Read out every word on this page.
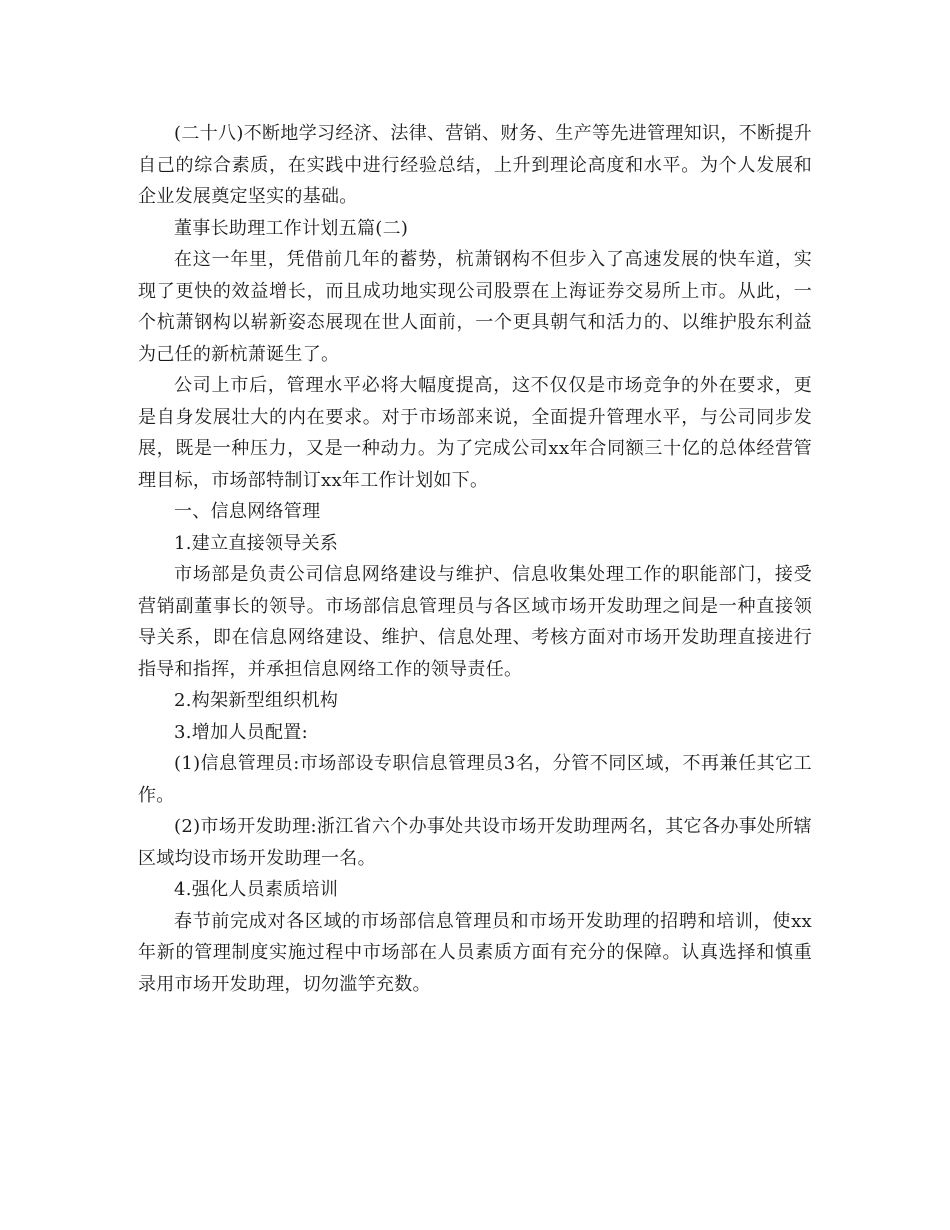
(二十八)不断地学习经济、法律、营销、财务、生产等先进管理知识，不断提升自己的综合素质，在实践中进行经验总结，上升到理论高度和水平。为个人发展和企业发展奠定坚实的基础。

董事长助理工作计划五篇(二)

在这一年里，凭借前几年的蓄势，杭萧钢构不但步入了高速发展的快车道，实现了更快的效益增长，而且成功地实现公司股票在上海证券交易所上市。从此，一个杭萧钢构以崭新姿态展现在世人面前，一个更具朝气和活力的、以维护股东利益为己任的新杭萧诞生了。

公司上市后，管理水平必将大幅度提高，这不仅仅是市场竞争的外在要求，更是自身发展壮大的内在要求。对于市场部来说，全面提升管理水平，与公司同步发展，既是一种压力，又是一种动力。为了完成公司xx年合同额三十亿的总体经营管理目标，市场部特制订xx年工作计划如下。

一、信息网络管理

1.建立直接领导关系

市场部是负责公司信息网络建设与维护、信息收集处理工作的职能部门，接受营销副董事长的领导。市场部信息管理员与各区域市场开发助理之间是一种直接领导关系，即在信息网络建设、维护、信息处理、考核方面对市场开发助理直接进行指导和指挥，并承担信息网络工作的领导责任。

2.构架新型组织机构

3.增加人员配置:

(1)信息管理员:市场部设专职信息管理员3名，分管不同区域，不再兼任其它工作。

(2)市场开发助理:浙江省六个办事处共设市场开发助理两名，其它各办事处所辖区域均设市场开发助理一名。

4.强化人员素质培训

春节前完成对各区域的市场部信息管理员和市场开发助理的招聘和培训，使xx年新的管理制度实施过程中市场部在人员素质方面有充分的保障。认真选择和慎重录用市场开发助理，切勿滥竽充数。
